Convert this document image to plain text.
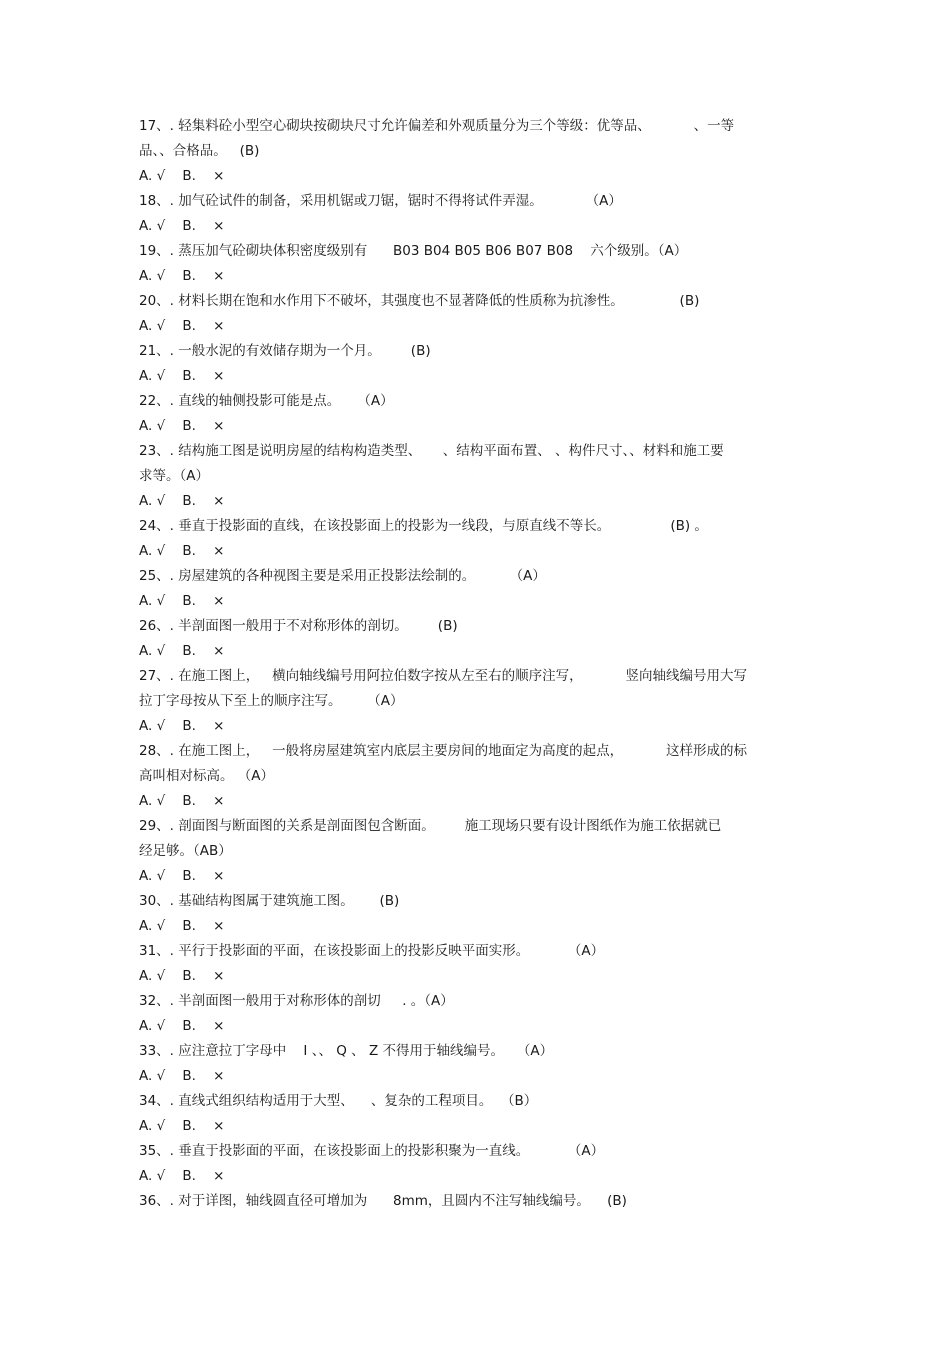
17、. 轻集料砼小型空心砌块按砌块尺寸允许偏差和外观质量分为三个等级：优等品、          、一等
品、、合格品。   (B)
A. √    B.    ×
18、. 加气砼试件的制备，采用机锯或刀锯，锯时不得将试件弄湿。          （A）
A. √    B.    ×
19、. 蒸压加气砼砌块体积密度级别有      B03 B04 B05 B06 B07 B08    六个级别。（A）
A. √    B.    ×
20、. 材料长期在饱和水作用下不破坏，其强度也不显著降低的性质称为抗渗性。             (B)
A. √    B.    ×
21、. 一般水泥的有效储存期为一个月。       (B)
A. √    B.    ×
22、. 直线的轴侧投影可能是点。    （A）
A. √    B.    ×
23、. 结构施工图是说明房屋的结构构造类型、     、结构平面布置、 、构件尺寸、、材料和施工要
求等。（A）
A. √    B.    ×
24、. 垂直于投影面的直线，在该投影面上的投影为一线段，与原直线不等长。              (B) 。
A. √    B.    ×
25、. 房屋建筑的各种视图主要是采用正投影法绘制的。        （A）
A. √    B.    ×
26、. 半剖面图一般用于不对称形体的剖切。       (B)
A. √    B.    ×
27、. 在施工图上，   横向轴线编号用阿拉伯数字按从左至右的顺序注写，          竖向轴线编号用大写
拉丁字母按从下至上的顺序注写。      （A）
A. √    B.    ×
28、. 在施工图上，   一般将房屋建筑室内底层主要房间的地面定为高度的起点，          这样形成的标
高叫相对标高。 （A）
A. √    B.    ×
29、. 剖面图与断面图的关系是剖面图包含断面。       施工现场只要有设计图纸作为施工依据就已
经足够。（AB）
A. √    B.    ×
30、. 基础结构图属于建筑施工图。      (B)
A. √    B.    ×
31、. 平行于投影面的平面，在该投影面上的投影反映平面实形。         （A）
A. √    B.    ×
32、. 半剖面图一般用于对称形体的剖切     . 。（A）
A. √    B.    ×
33、. 应注意拉丁字母中    I 、、 Q 、 Z 不得用于轴线编号。   （A）
A. √    B.    ×
34、. 直线式组织结构适用于大型、    、复杂的工程项目。  （B）
A. √    B.    ×
35、. 垂直于投影面的平面，在该投影面上的投影积聚为一直线。         （A）
A. √    B.    ×
36、. 对于详图，轴线圆直径可增加为      8mm，且圆内不注写轴线编号。    (B)
